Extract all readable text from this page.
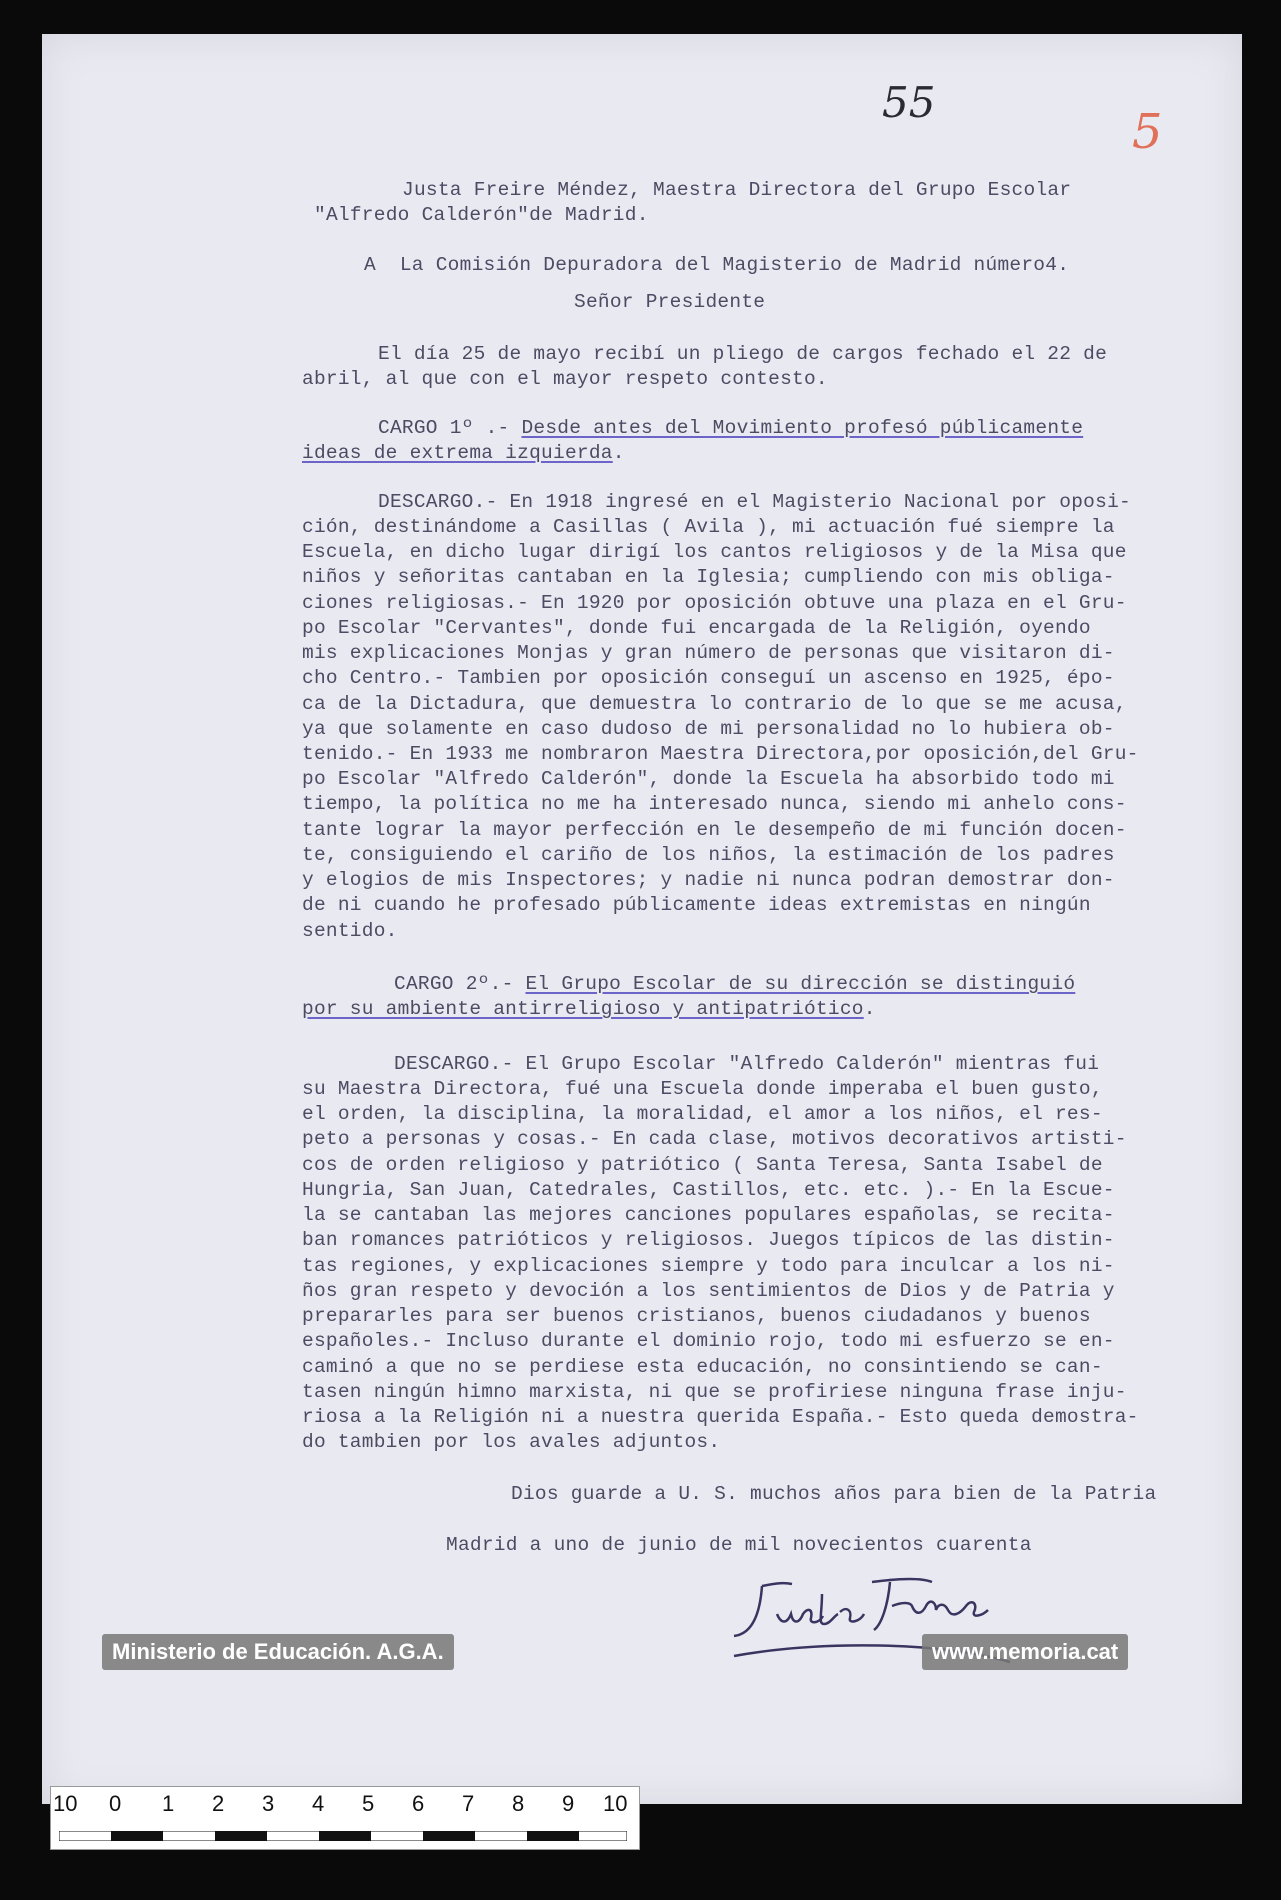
55
5
Justa Freire Méndez, Maestra Directora del Grupo Escolar
"Alfredo Calderón"de Madrid.
A  La Comisión Depuradora del Magisterio de Madrid número4.
Señor Presidente
El día 25 de mayo recibí un pliego de cargos fechado el 22 de
abril, al que con el mayor respeto contesto.
CARGO 1º .- Desde antes del Movimiento profesó públicamente
ideas de extrema izquierda.
DESCARGO.- En 1918 ingresé en el Magisterio Nacional por oposi-
ción, destinándome a Casillas ( Avila ), mi actuación fué siempre la
Escuela, en dicho lugar dirigí los cantos religiosos y de la Misa que
niños y señoritas cantaban en la Iglesia; cumpliendo con mis obliga-
ciones religiosas.- En 1920 por oposición obtuve una plaza en el Gru-
po Escolar "Cervantes", donde fui encargada de la Religión, oyendo
mis explicaciones Monjas y gran número de personas que visitaron di-
cho Centro.- Tambien por oposición conseguí un ascenso en 1925, épo-
ca de la Dictadura, que demuestra lo contrario de lo que se me acusa,
ya que solamente en caso dudoso de mi personalidad no lo hubiera ob-
tenido.- En 1933 me nombraron Maestra Directora,por oposición,del Gru-
po Escolar "Alfredo Calderón", donde la Escuela ha absorbido todo mi
tiempo, la política no me ha interesado nunca, siendo mi anhelo cons-
tante lograr la mayor perfección en le desempeño de mi función docen-
te, consiguiendo el cariño de los niños, la estimación de los padres
y elogios de mis Inspectores; y nadie ni nunca podran demostrar don-
de ni cuando he profesado públicamente ideas extremistas en ningún
sentido.
CARGO 2º.- El Grupo Escolar de su dirección se distinguió
por su ambiente antirreligioso y antipatriótico.
DESCARGO.- El Grupo Escolar "Alfredo Calderón" mientras fui
su Maestra Directora, fué una Escuela donde imperaba el buen gusto,
el orden, la disciplina, la moralidad, el amor a los niños, el res-
peto a personas y cosas.- En cada clase, motivos decorativos artisti-
cos de orden religioso y patriótico ( Santa Teresa, Santa Isabel de
Hungria, San Juan, Catedrales, Castillos, etc. etc. ).- En la Escue-
la se cantaban las mejores canciones populares españolas, se recita-
ban romances patrióticos y religiosos. Juegos típicos de las distin-
tas regiones, y explicaciones siempre y todo para inculcar a los ni-
ños gran respeto y devoción a los sentimientos de Dios y de Patria y
prepararles para ser buenos cristianos, buenos ciudadanos y buenos
españoles.- Incluso durante el dominio rojo, todo mi esfuerzo se en-
caminó a que no se perdiese esta educación, no consintiendo se can-
tasen ningún himno marxista, ni que se profiriese ninguna frase inju-
riosa a la Religión ni a nuestra querida España.- Esto queda demostra-
do tambien por los avales adjuntos.
Dios guarde a U. S. muchos años para bien de la Patria
Madrid a uno de junio de mil novecientos cuarenta
Ministerio de Educación. A.G.A.	www.memoria.cat
10 0 1 2 3 4 5 6 7 8 9 10
